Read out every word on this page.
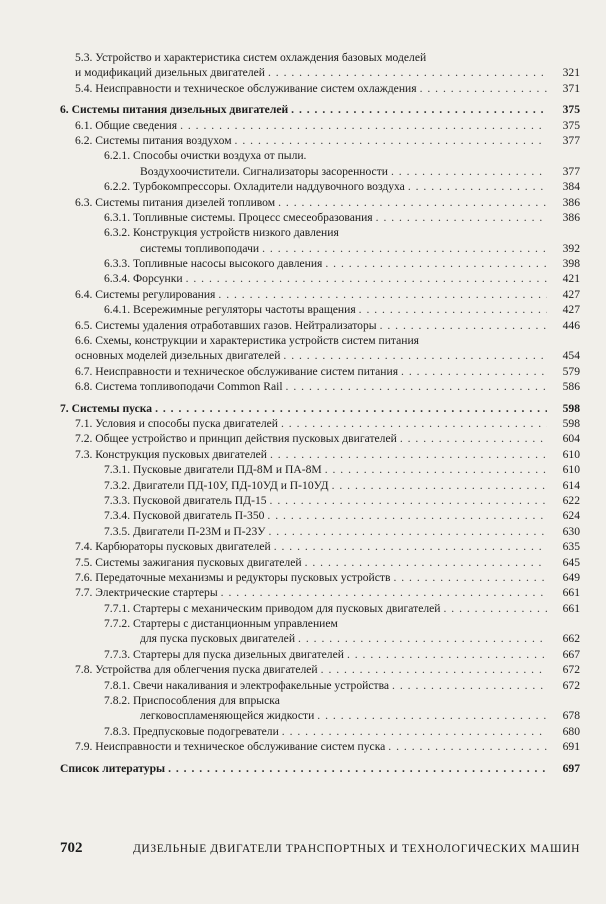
5.3. Устройство и характеристика систем охлаждения базовых моделей
и модификаций дизельных двигателей . . .	321
5.4. Неисправности и техническое обслуживание систем охлаждения . . .	371
6. Системы питания дизельных двигателей . . .	375
6.1. Общие сведения . . .	375
6.2. Системы питания воздухом . . .	377
6.2.1. Способы очистки воздуха от пыли.
Воздухоочистители. Сигнализаторы засоренности . . .	377
6.2.2. Турбокомпрессоры. Охладители наддувочного воздуха . . .	384
6.3. Системы питания дизелей топливом . . .	386
6.3.1. Топливные системы. Процесс смесеобразования . . .	386
6.3.2. Конструкция устройств низкого давления
системы топливоподачи . . .	392
6.3.3. Топливные насосы высокого давления . . .	398
6.3.4. Форсунки . . .	421
6.4. Системы регулирования . . .	427
6.4.1. Всережимные регуляторы частоты вращения . . .	427
6.5. Системы удаления отработавших газов. Нейтрализаторы . . .	446
6.6. Схемы, конструкции и характеристика устройств систем питания
основных моделей дизельных двигателей . . .	454
6.7. Неисправности и техническое обслуживание систем питания . . .	579
6.8. Система топливоподачи Common Rail . . .	586
7. Системы пуска . . .	598
7.1. Условия и способы пуска двигателей . . .	598
7.2. Общее устройство и принцип действия пусковых двигателей . . .	604
7.3. Конструкция пусковых двигателей . . .	610
7.3.1. Пусковые двигатели ПД-8М и ПА-8М . . .	610
7.3.2. Двигатели ПД-10У, ПД-10УД и П-10УД . . .	614
7.3.3. Пусковой двигатель ПД-15 . . .	622
7.3.4. Пусковой двигатель П-350 . . .	624
7.3.5. Двигатели П-23М и П-23У . . .	630
7.4. Карбюраторы пусковых двигателей . . .	635
7.5. Системы зажигания пусковых двигателей . . .	645
7.6. Передаточные механизмы и редукторы пусковых устройств . . .	649
7.7. Электрические стартеры . . .	661
7.7.1. Стартеры с механическим приводом для пусковых двигателей . . .	661
7.7.2. Стартеры с дистанционным управлением
для пуска пусковых двигателей . . .	662
7.7.3. Стартеры для пуска дизельных двигателей . . .	667
7.8. Устройства для облегчения пуска двигателей . . .	672
7.8.1. Свечи накаливания и электрофакельные устройства . . .	672
7.8.2. Приспособления для впрыска
легковоспламеняющейся жидкости . . .	678
7.8.3. Предпусковые подогреватели . . .	680
7.9. Неисправности и техническое обслуживание систем пуска . . .	691
Список литературы . . .	697
702	ДИЗЕЛЬНЫЕ ДВИГАТЕЛИ ТРАНСПОРТНЫХ И ТЕХНОЛОГИЧЕСКИХ МАШИН
